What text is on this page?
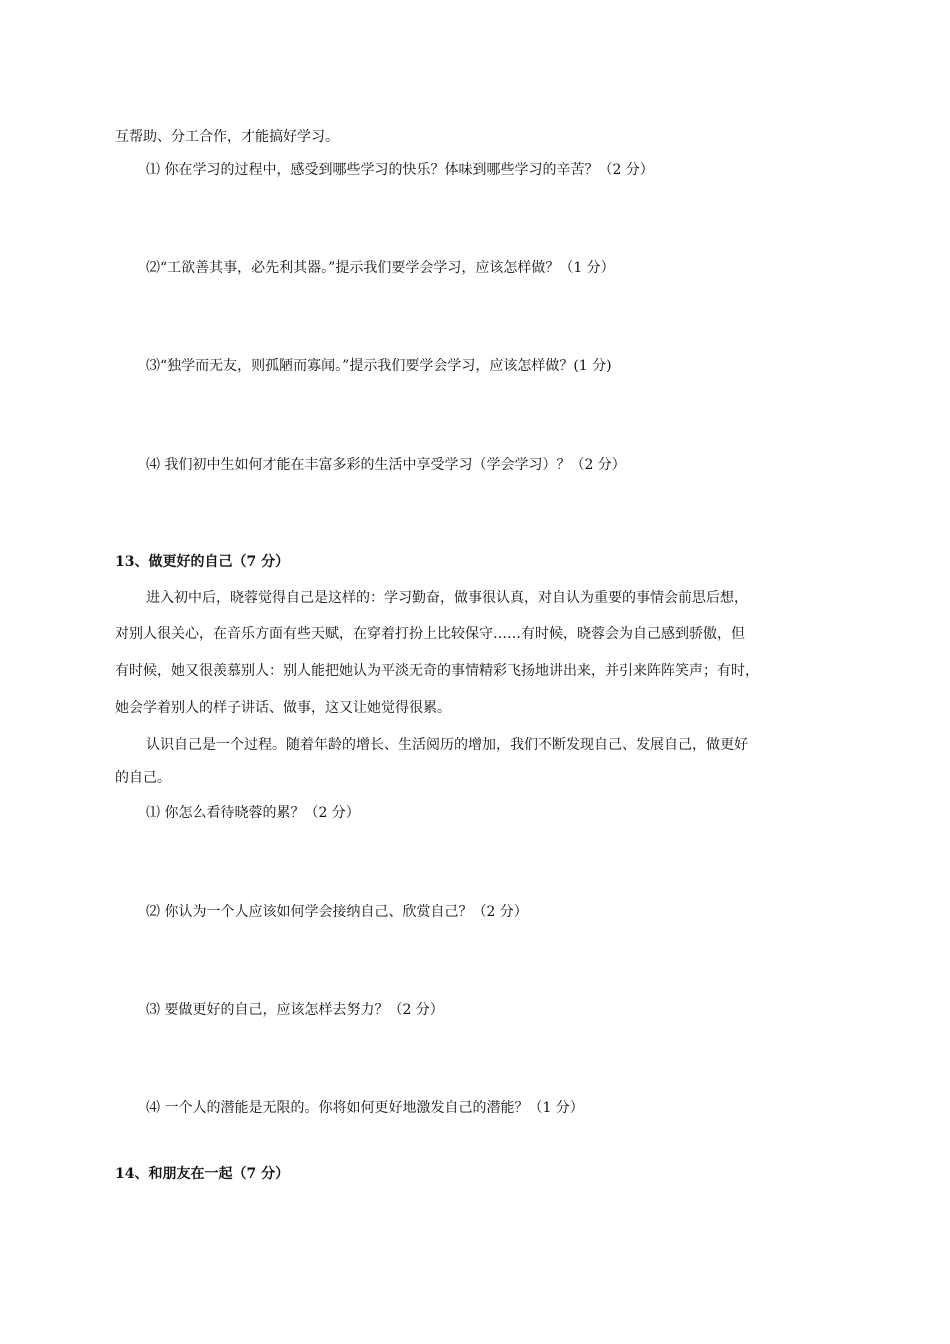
互帮助、分工合作，才能搞好学习。
⑴ 你在学习的过程中，感受到哪些学习的快乐？体味到哪些学习的辛苦？（2 分）
⑵“工欲善其事，必先利其器。”提示我们要学会学习，应该怎样做？（1 分）
⑶“独学而无友，则孤陋而寡闻。”提示我们要学会学习，应该怎样做？(1 分)
⑷ 我们初中生如何才能在丰富多彩的生活中享受学习（学会学习）？（2 分）
13、做更好的自己（7 分）
进入初中后，晓蓉觉得自己是这样的：学习勤奋，做事很认真，对自认为重要的事情会前思后想，
对别人很关心，在音乐方面有些天赋，在穿着打扮上比较保守……有时候，晓蓉会为自己感到骄傲，但
有时候，她又很羡慕别人：别人能把她认为平淡无奇的事情精彩飞扬地讲出来，并引来阵阵笑声；有时，
她会学着别人的样子讲话、做事，这又让她觉得很累。
认识自己是一个过程。随着年龄的增长、生活阅历的增加，我们不断发现自己、发展自己，做更好
的自己。
⑴ 你怎么看待晓蓉的累？（2 分）
⑵ 你认为一个人应该如何学会接纳自己、欣赏自己？（2 分）
⑶ 要做更好的自己，应该怎样去努力？（2 分）
⑷ 一个人的潜能是无限的。你将如何更好地激发自己的潜能？（1 分）
14、和朋友在一起（7 分）
